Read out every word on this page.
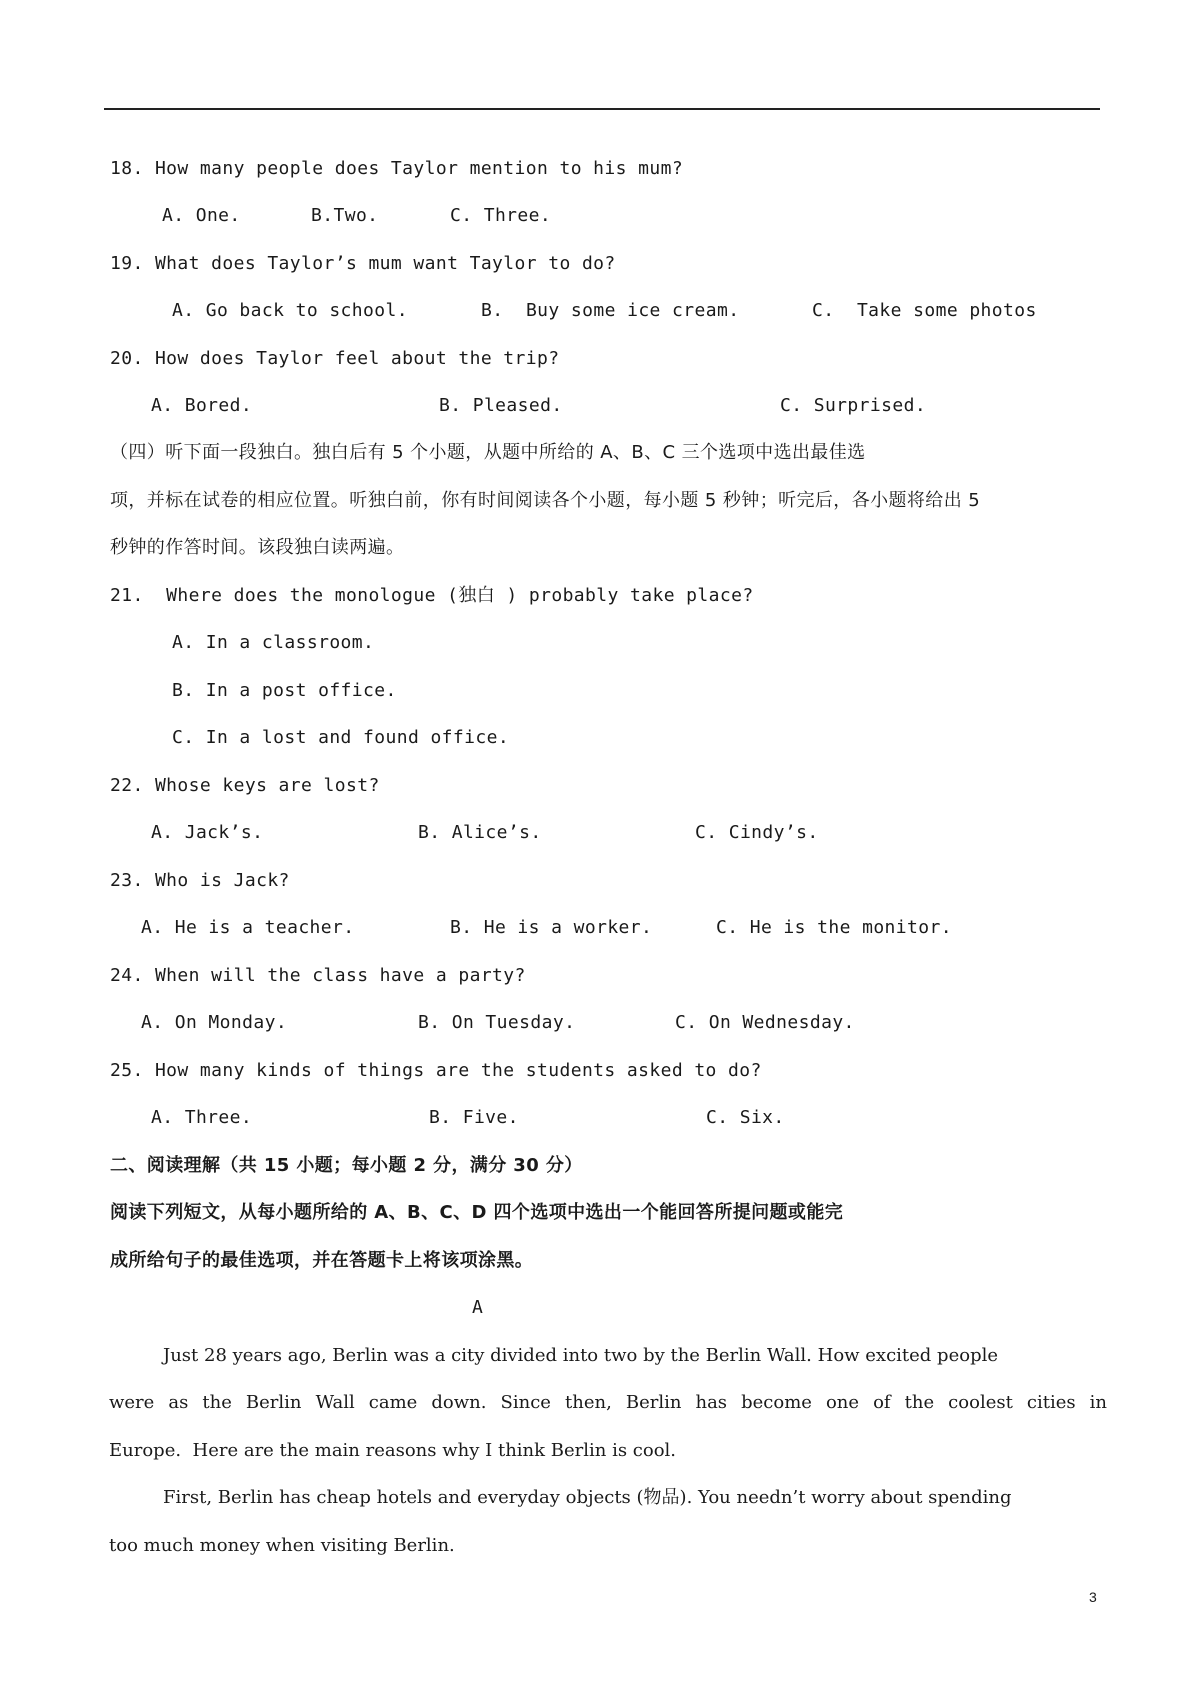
18. How many people does Taylor mention to his mum?
A. One.	B.Two.	C. Three.
19. What does Taylor’s mum want Taylor to do?
A. Go back to school.	B.  Buy some ice cream.	C.  Take some photos
20. How does Taylor feel about the trip?
A. Bored.	B. Pleased.	C. Surprised.
（四）听下面一段独白。独白后有 5 个小题，从题中所给的 A、B、C 三个选项中选出最佳选
项，并标在试卷的相应位置。听独白前，你有时间阅读各个小题，每小题 5 秒钟；听完后，各小题将给出 5
秒钟的作答时间。该段独白读两遍。
21.  Where does the monologue (独白 ) probably take place?
A. In a classroom.
B. In a post office.
C. In a lost and found office.
22. Whose keys are lost?
A. Jack’s.	B. Alice’s.	C. Cindy’s.
23. Who is Jack?
A. He is a teacher.	B. He is a worker.	C. He is the monitor.
24. When will the class have a party?
A. On Monday.	B. On Tuesday.	C. On Wednesday.
25. How many kinds of things are the students asked to do?
A. Three.	B. Five.	C. Six.
二、阅读理解（共 15 小题；每小题 2 分，满分 30 分）
阅读下列短文，从每小题所给的 A、B、C、D 四个选项中选出一个能回答所提问题或能完
成所给句子的最佳选项，并在答题卡上将该项涂黑。
A
Just 28 years ago, Berlin was a city divided into two by the Berlin Wall. How excited people
were as the Berlin Wall came down. Since then, Berlin has become one of the coolest cities in
Europe.  Here are the main reasons why I think Berlin is cool.
First, Berlin has cheap hotels and everyday objects (物品). You needn’t worry about spending
too much money when visiting Berlin.
3
